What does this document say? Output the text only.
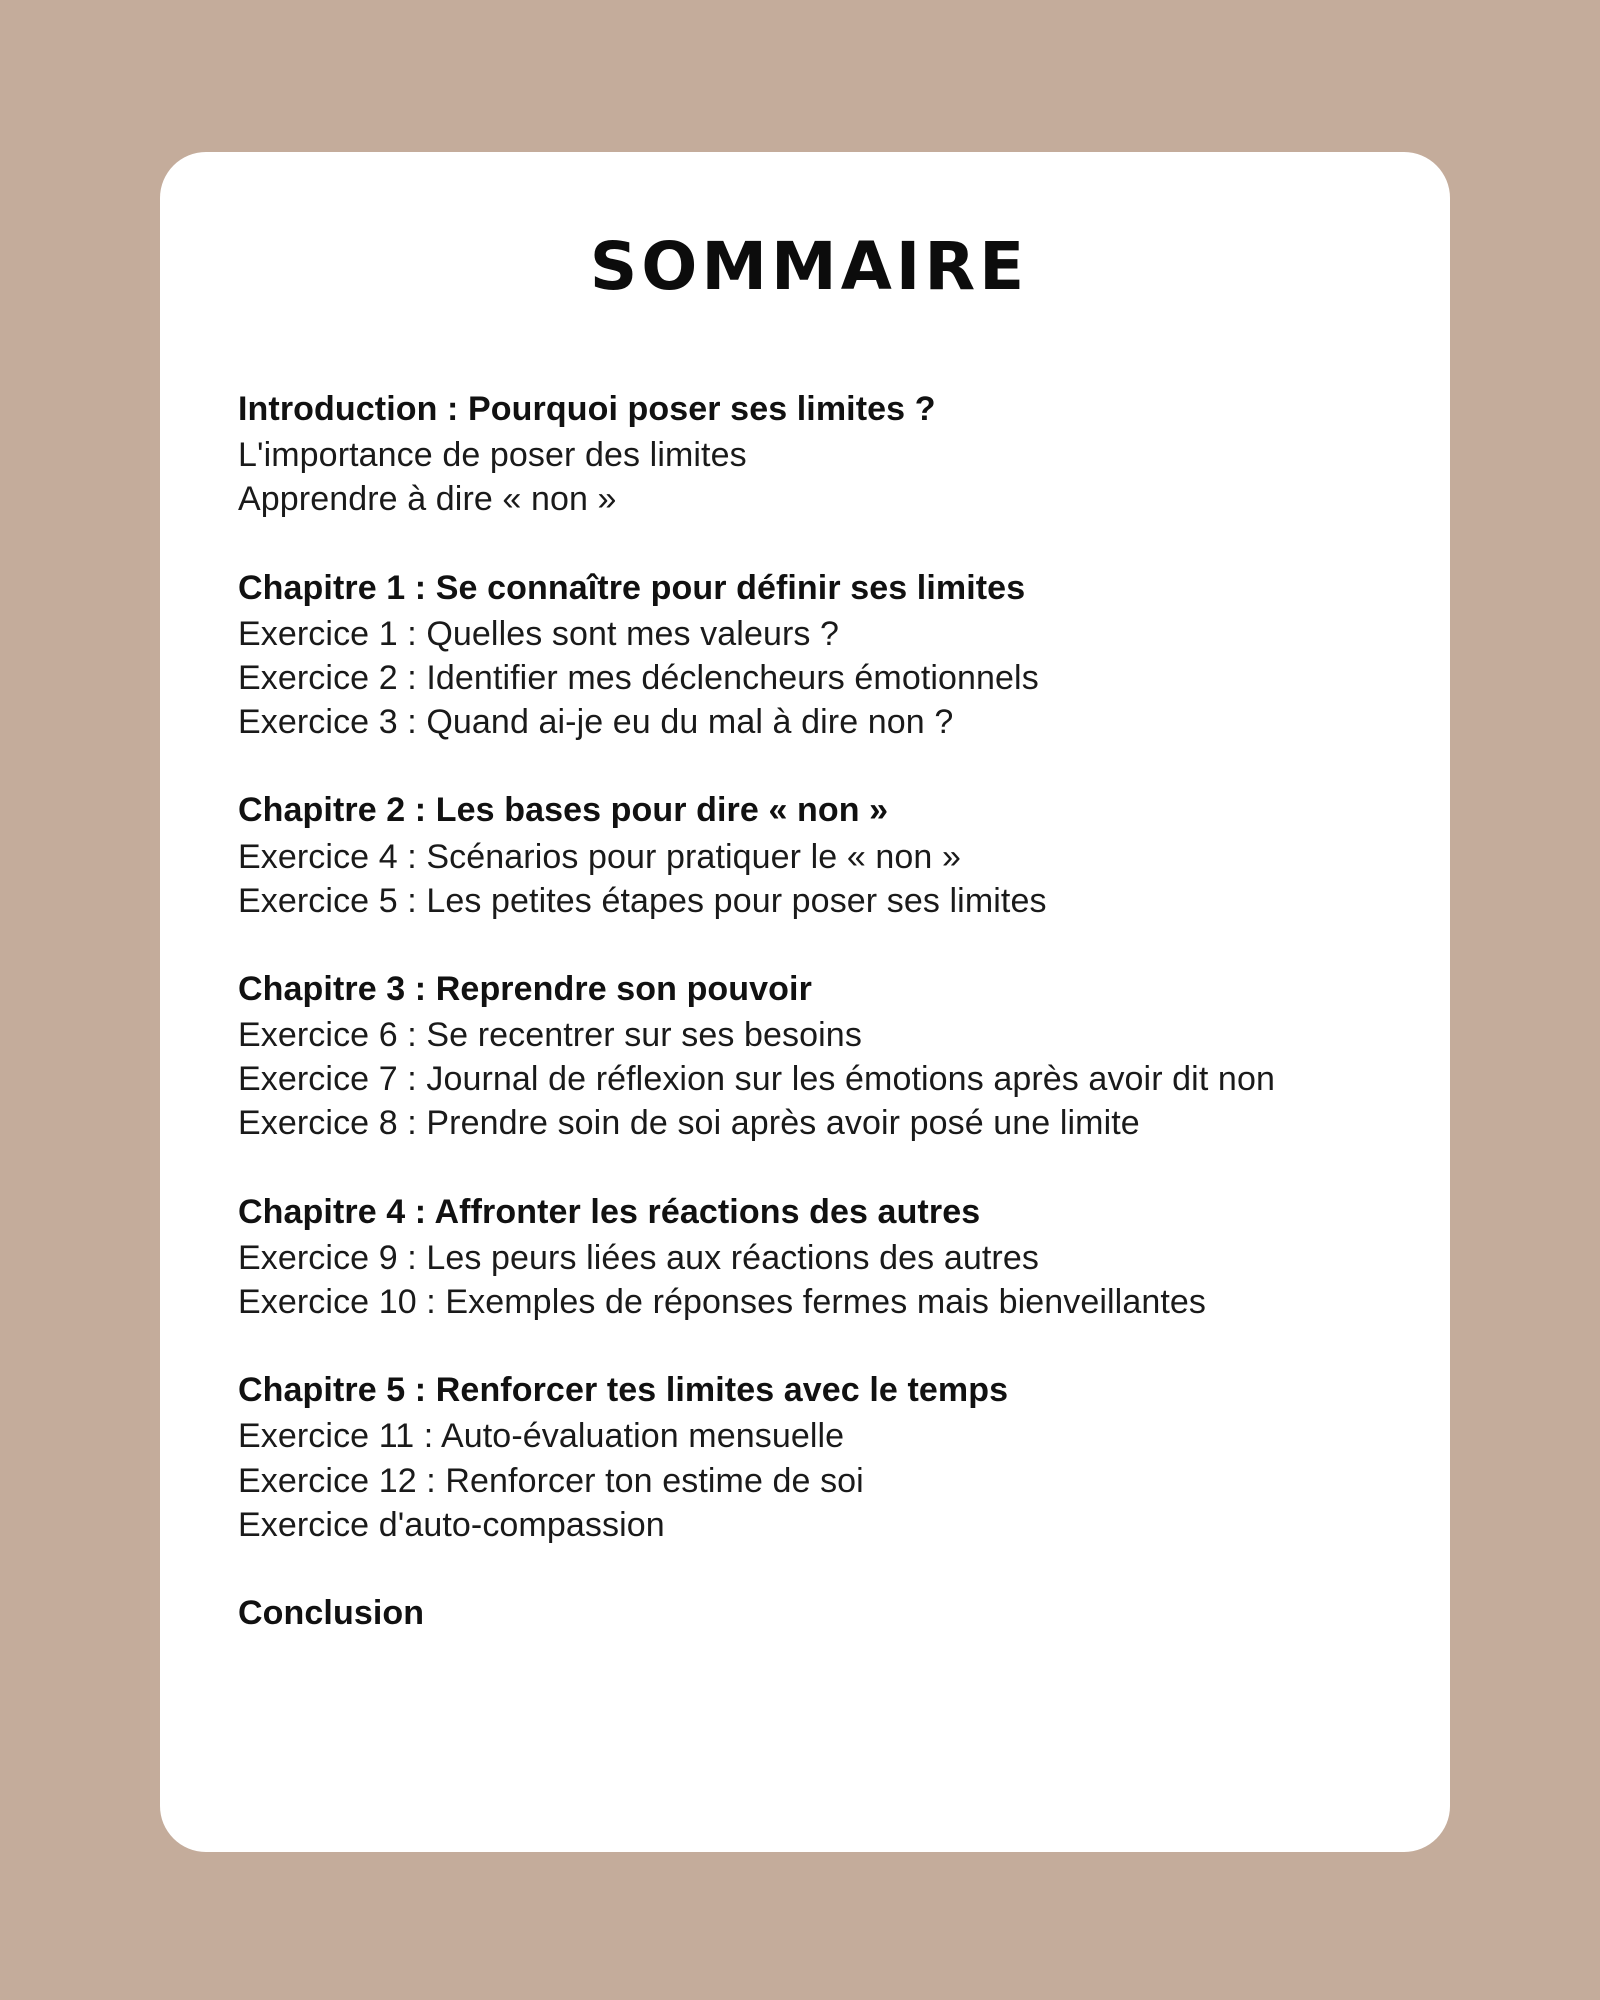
SOMMAIRE

Introduction : Pourquoi poser ses limites ?

L'importance de poser des limites

Apprendre à dire « non »

Chapitre 1 : Se connaître pour définir ses limites

Exercice 1 : Quelles sont mes valeurs ?

Exercice 2 : Identifier mes déclencheurs émotionnels

Exercice 3 : Quand ai-je eu du mal à dire non ?

Chapitre 2 : Les bases pour dire « non »

Exercice 4 : Scénarios pour pratiquer le « non »

Exercice 5 : Les petites étapes pour poser ses limites

Chapitre 3 : Reprendre son pouvoir

Exercice 6 : Se recentrer sur ses besoins

Exercice 7 : Journal de réflexion sur les émotions après avoir dit non

Exercice 8 : Prendre soin de soi après avoir posé une limite

Chapitre 4 : Affronter les réactions des autres

Exercice 9 : Les peurs liées aux réactions des autres

Exercice 10 : Exemples de réponses fermes mais bienveillantes

Chapitre 5 : Renforcer tes limites avec le temps

Exercice 11 : Auto-évaluation mensuelle

Exercice 12 : Renforcer ton estime de soi

Exercice d'auto-compassion

Conclusion
